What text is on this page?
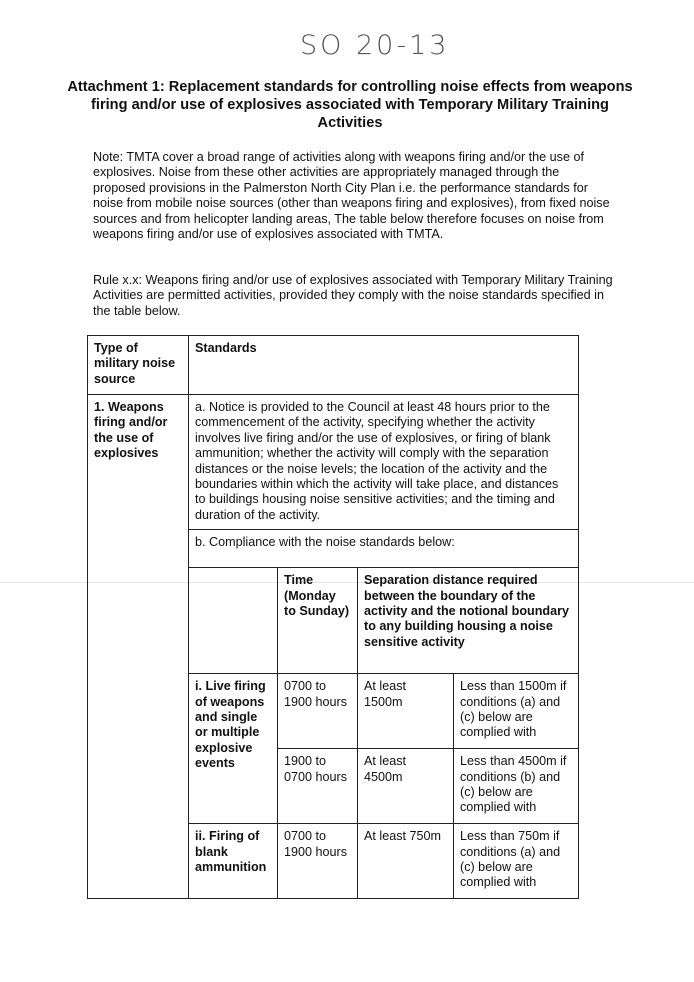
SO 20-13
Attachment 1: Replacement standards for controlling noise effects from weapons firing and/or use of explosives associated with Temporary Military Training Activities
Note: TMTA cover a broad range of activities along with weapons firing and/or the use of explosives. Noise from these other activities are appropriately managed through the proposed provisions in the Palmerston North City Plan i.e. the performance standards for noise from mobile noise sources (other than weapons firing and explosives), from fixed noise sources and from helicopter landing areas, The table below therefore focuses on noise from weapons firing and/or use of explosives associated with TMTA.
Rule x.x: Weapons firing and/or use of explosives associated with Temporary Military Training Activities are permitted activities, provided they comply with the noise standards specified in the table below.
Type of military noise source	Standards			
1. Weapons firing and/or the use of explosives	a. Notice is provided to the Council at least 48 hours prior to the commencement of the activity, specifying whether the activity involves live firing and/or the use of explosives, or firing of blank ammunition; whether the activity will comply with the separation distances or the noise levels; the location of the activity and the boundaries within which the activity will take place, and distances to buildings housing noise sensitive activities; and the timing and duration of the activity.			
	b. Compliance with the noise standards below:			
		Time (Monday to Sunday)	Separation distance required between the boundary of the activity and the notional boundary to any building housing a noise sensitive activity	
	i. Live firing of weapons and single or multiple explosive events	0700 to 1900 hours	At least 1500m	Less than 1500m if conditions (a) and (c) below are complied with
		1900 to 0700 hours	At least 4500m	Less than 4500m if conditions (b) and (c) below are complied with
	ii. Firing of blank ammunition	0700 to 1900 hours	At least 750m	Less than 750m if conditions (a) and (c) below are complied with
